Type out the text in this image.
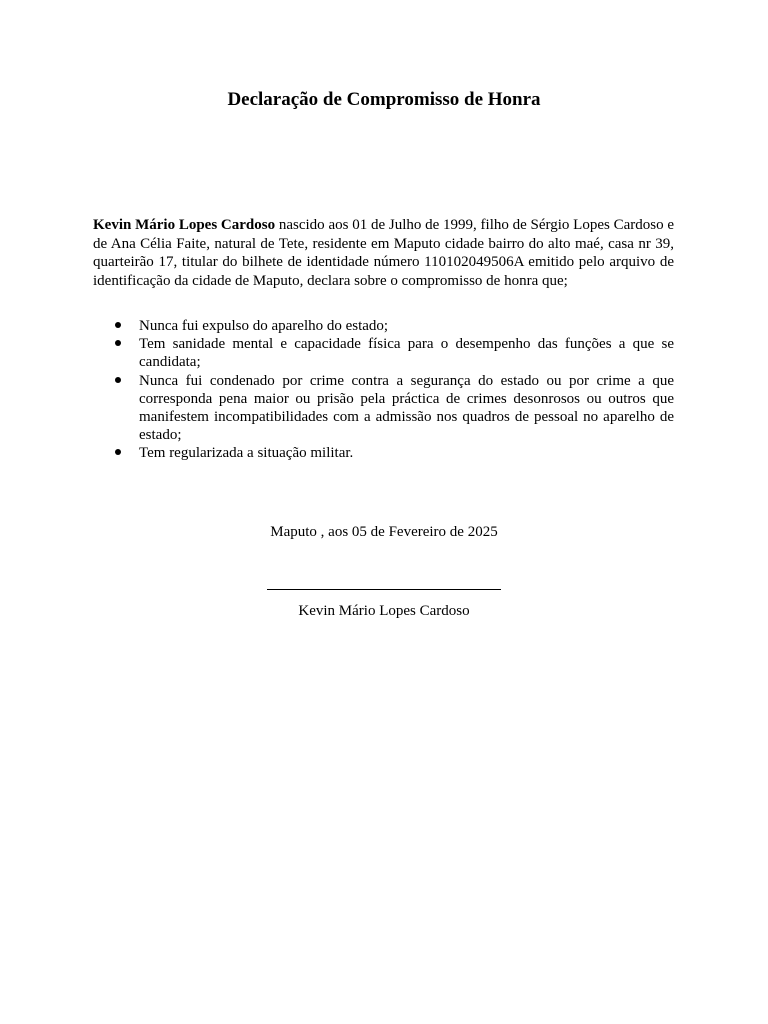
Declaração de Compromisso de Honra

Kevin Mário Lopes Cardoso nascido aos 01 de Julho de 1999, filho de Sérgio Lopes Cardoso e de Ana Célia Faite, natural de Tete, residente em Maputo cidade bairro do alto maé, casa nr 39, quarteirão 17, titular do bilhete de identidade número 110102049506A emitido pelo arquivo de identificação da cidade de Maputo, declara sobre o compromisso de honra que;

Nunca fui expulso do aparelho do estado;
Tem sanidade mental e capacidade física para o desempenho das funções a que se candidata;
Nunca fui condenado por crime contra a segurança do estado ou por crime a que corresponda pena maior ou prisão pela práctica de crimes desonrosos ou outros que manifestem incompatibilidades com a admissão nos quadros de pessoal no aparelho de estado;
Tem regularizada a situação militar.
Maputo , aos 05 de Fevereiro de 2025
Kevin Mário Lopes Cardoso
